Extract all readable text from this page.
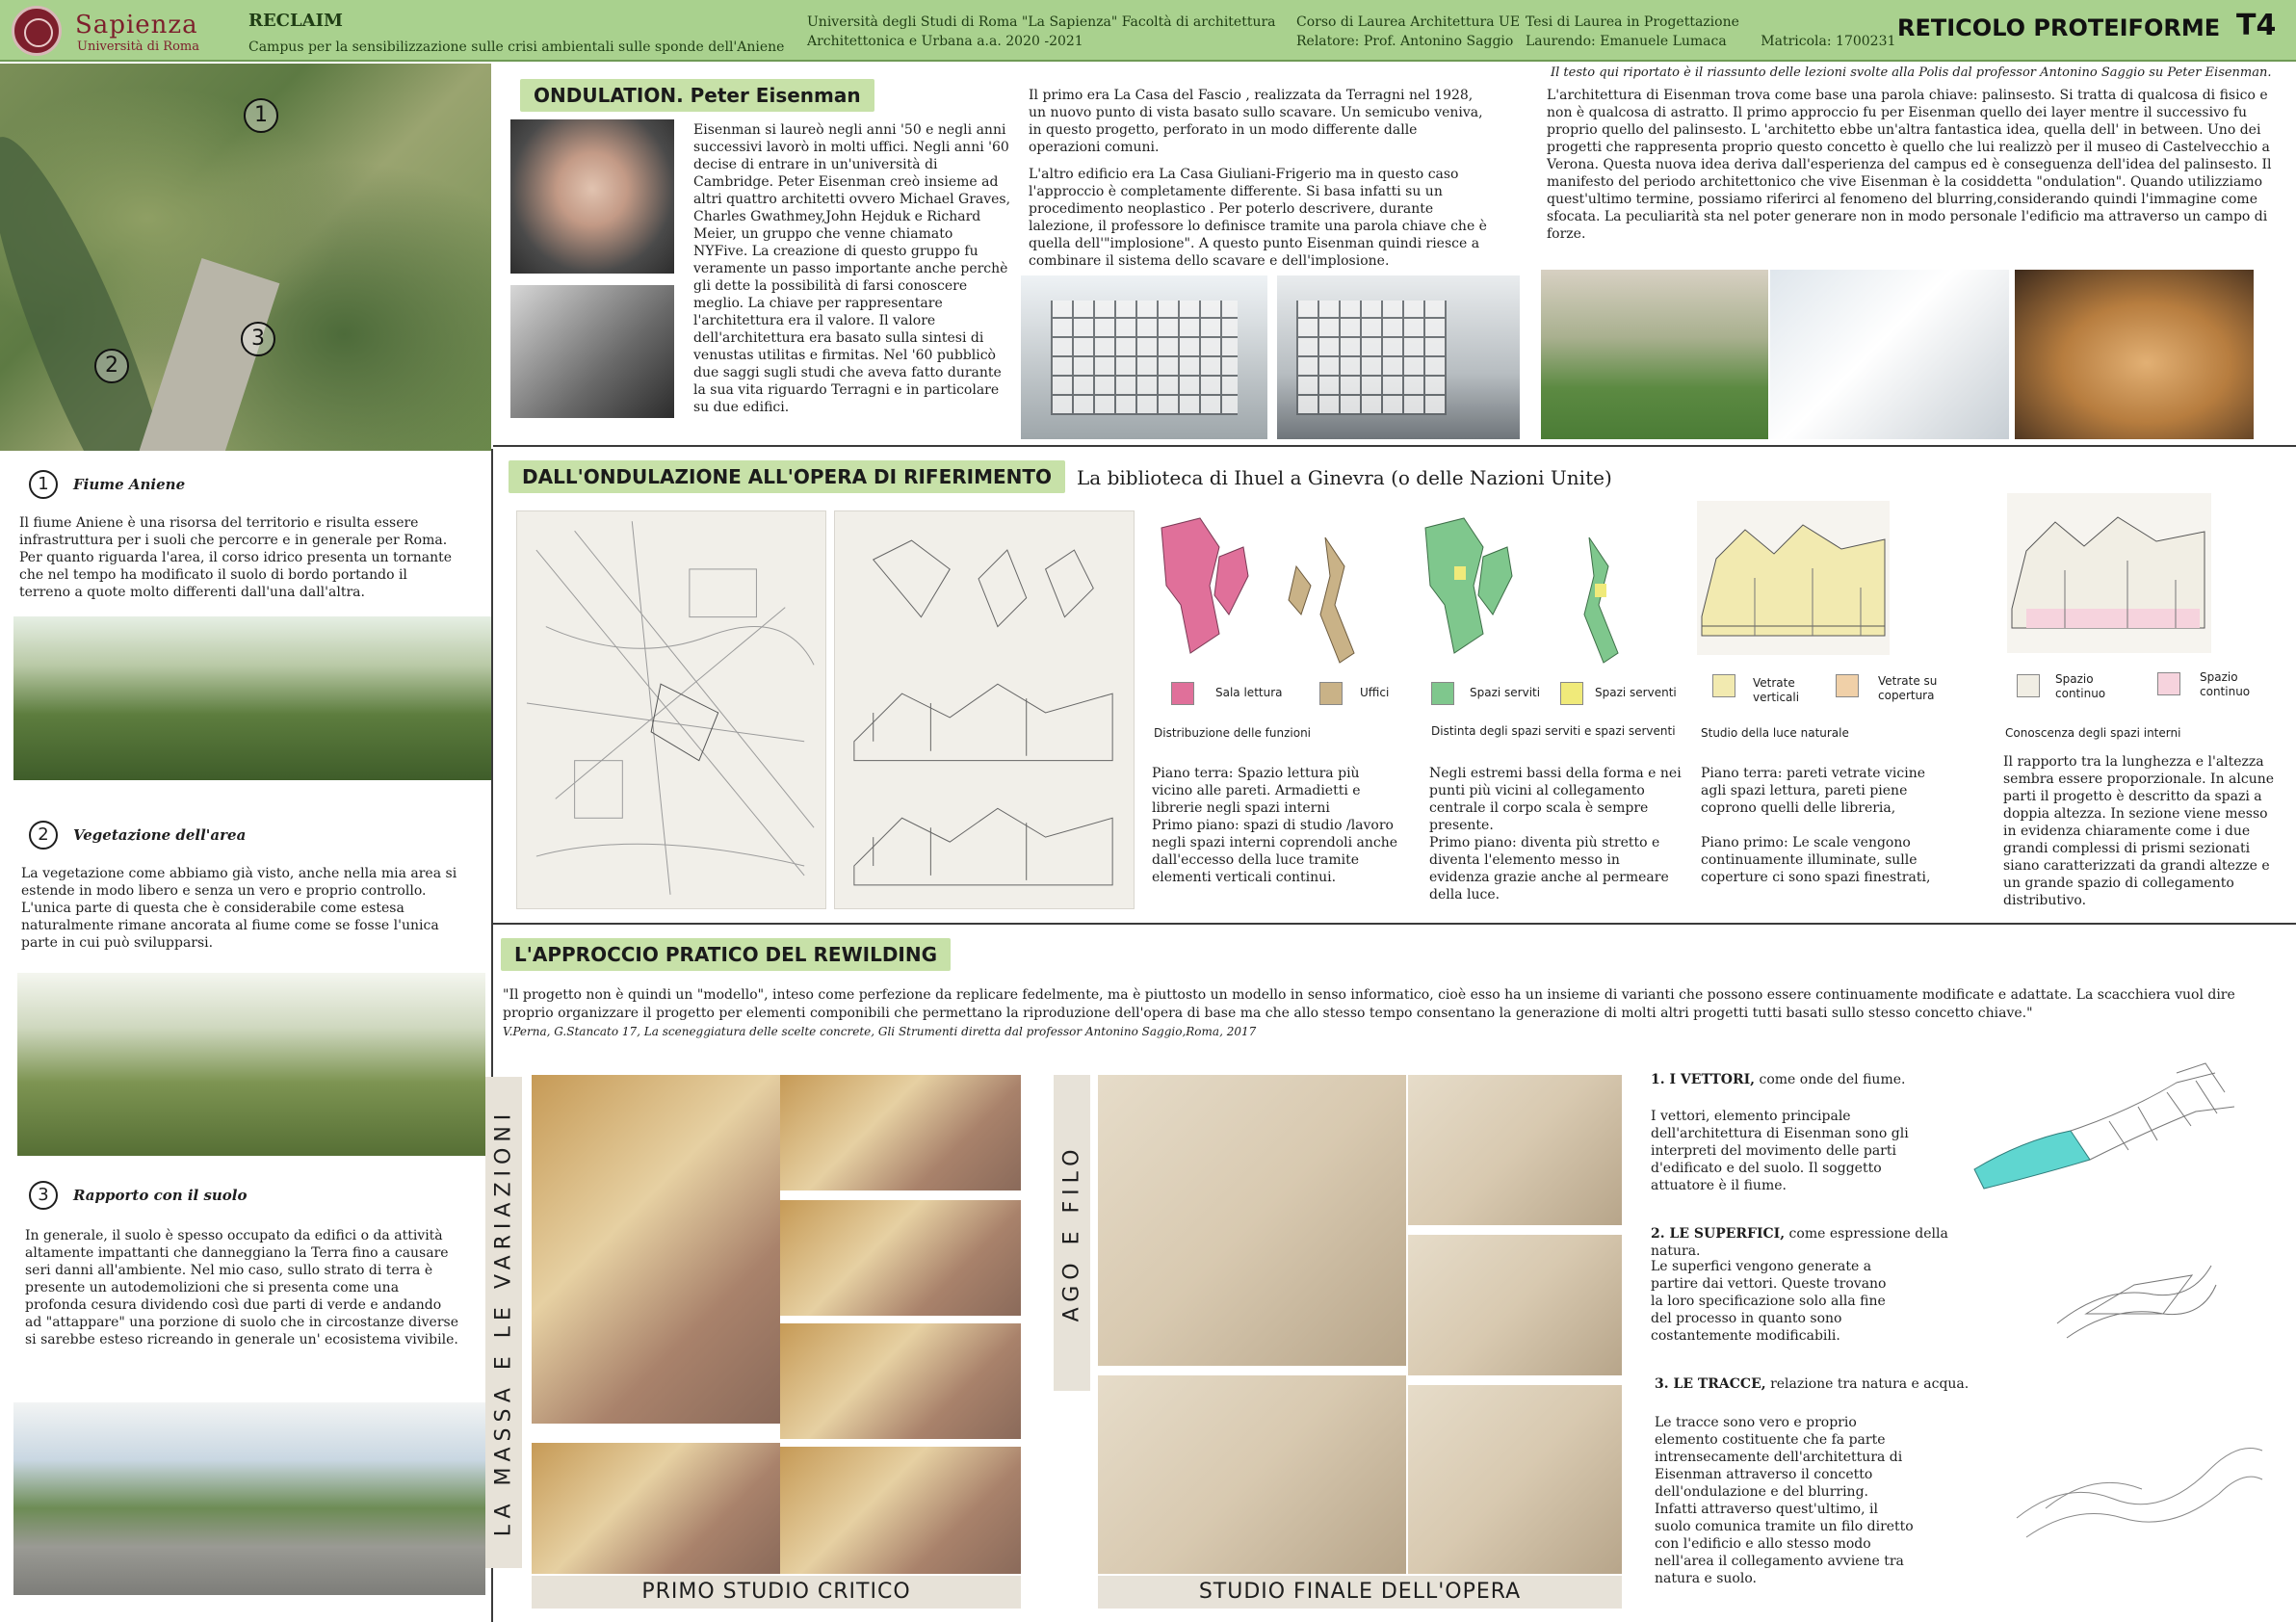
Sapienza
Università di Roma
RECLAIM
Campus per la sensibilizzazione sulle crisi ambientali sulle sponde dell'Aniene
Università degli Studi di Roma "La Sapienza" Facoltà di architettura
Architettonica e Urbana a.a. 2020 -2021
Corso di Laurea Architettura UE
Relatore: Prof. Antonino Saggio
Tesi di Laurea in Progettazione
Laurendo: Emanuele Lumaca        Matricola: 1700231 RETICOLO PROTEIFORME T4
1
2
3
1	Fiume Aniene
Il fiume Aniene è una risorsa del territorio e risulta essere infrastruttura per i suoli che percorre e in generale per Roma. Per quanto riguarda l'area, il corso idrico presenta un tornante che nel tempo ha modificato il suolo di bordo portando il terreno a quote molto differenti dall'una dall'altra.
2	Vegetazione dell'area
La vegetazione come abbiamo già visto, anche nella mia area si estende in modo libero e senza un vero e proprio controllo. L'unica parte di questa che è considerabile come estesa naturalmente rimane ancorata al fiume come se fosse l'unica parte in cui può svilupparsi.
3	Rapporto con il suolo
In generale, il suolo è spesso occupato da edifici o da attività altamente impattanti che danneggiano la Terra fino a causare seri danni all'ambiente. Nel mio caso, sullo strato di terra è presente un autodemolizioni che si presenta come una profonda cesura dividendo così due parti di verde e andando ad "attappare" una porzione di suolo che in circostanze diverse si sarebbe esteso ricreando in generale un' ecosistema vivibile.
ONDULATION. Peter Eisenman
Il testo qui riportato è il riassunto delle lezioni svolte alla Polis dal professor Antonino Saggio su Peter Eisenman.
Eisenman si laureò negli anni '50 e negli anni successivi lavorò in molti uffici. Negli anni '60 decise di entrare in un'università di Cambridge. Peter Eisenman creò insieme ad altri quattro architetti ovvero Michael Graves, Charles Gwathmey,John Hejduk e Richard Meier, un gruppo che venne chiamato NYFive. La creazione di questo gruppo fu veramente un passo importante anche perchè gli dette la possibilità di farsi conoscere meglio. La chiave per rappresentare l'architettura era il valore. Il valore dell'architettura era basato sulla sintesi di venustas utilitas e firmitas. Nel '60 pubblicò due saggi sugli studi che aveva fatto durante la sua vita riguardo Terragni e in particolare su due edifici.
Il primo era La Casa del Fascio , realizzata da Terragni nel 1928, un nuovo punto di vista basato sullo scavare. Un semicubo veniva, in questo progetto, perforato in un modo differente dalle operazioni comuni.
L'altro edificio era La Casa Giuliani-Frigerio ma in questo caso l'approccio è completamente differente. Si basa infatti su un procedimento neoplastico . Per poterlo descrivere, durante lalezione, il professore lo definisce tramite una parola chiave che è quella dell'"implosione". A questo punto Eisenman quindi riesce a combinare il sistema dello scavare e dell'implosione.
L'architettura di Eisenman trova come base una parola chiave: palinsesto. Si tratta di qualcosa di fisico e non è qualcosa di astratto. Il primo approccio fu per Eisenman quello dei layer mentre il successivo fu proprio quello del palinsesto. L 'architetto ebbe un'altra fantastica idea, quella dell' in between. Uno dei progetti che rappresenta proprio questo concetto è quello che lui realizzò per il museo di Castelvecchio a Verona. Questa nuova idea deriva dall'esperienza del campus ed è conseguenza dell'idea del palinsesto. Il manifesto del periodo architettonico che vive Eisenman è la cosiddetta "ondulation". Quando utilizziamo quest'ultimo termine, possiamo riferirci al fenomeno del blurring,considerando quindi l'immagine come sfocata. La peculiarità sta nel poter generare non in modo personale l'edificio ma attraverso un campo di forze.
DALL'ONDULAZIONE ALL'OPERA DI RIFERIMENTO	La biblioteca di Ihuel a Ginevra (o delle Nazioni Unite)
Sala lettura	Uffici	Spazi serviti	Spazi serventi
Vetrate verticali
Vetrate su copertura
Spazio continuo
Spazio continuo
Distribuzione delle funzioni	Distinta degli spazi serviti e spazi serventi Studio della luce naturale	Conoscenza degli spazi interni
Piano terra: Spazio lettura più vicino alle pareti. Armadietti e librerie negli spazi interni
Primo piano: spazi di studio /lavoro negli spazi interni coprendoli anche dall'eccesso della luce tramite elementi verticali continui.
Negli estremi bassi della forma e nei punti più vicini al collegamento centrale il corpo scala è sempre presente.
Primo piano: diventa più stretto e diventa l'elemento messo in evidenza grazie anche al permeare della luce.
Piano terra: pareti vetrate vicine agli spazi lettura, pareti piene coprono quelli delle libreria,

Piano primo: Le scale vengono continuamente illuminate, sulle coperture ci sono spazi finestrati,
Il rapporto tra la lunghezza e l'altezza sembra essere proporzionale. In alcune parti il progetto è descritto da spazi a doppia altezza. In sezione viene messo in evidenza chiaramente come i due grandi complessi di prismi sezionati siano caratterizzati da grandi altezze e un grande spazio di collegamento distributivo.
L'APPROCCIO PRATICO DEL REWILDING
"Il progetto non è quindi un "modello", inteso come perfezione da replicare fedelmente, ma è piuttosto un modello in senso informatico, cioè esso ha un insieme di varianti che possono essere continuamente modificate e adattate. La scacchiera vuol dire proprio organizzare il progetto per elementi componibili che permettano la riproduzione dell'opera di base ma che allo stesso tempo consentano la generazione di molti altri progetti tutti basati sullo stesso concetto chiave."
V.Perna, G.Stancato 17, La sceneggiatura delle scelte concrete, Gli Strumenti diretta dal professor Antonino Saggio,Roma, 2017
LA MASSA E LE VARIAZIONI
PRIMO STUDIO CRITICO
AGO E FILO
STUDIO FINALE DELL'OPERA
1. I VETTORI, come onde del fiume.
I vettori, elemento principale dell'architettura di Eisenman sono gli interpreti del movimento delle parti d'edificato e del suolo. Il soggetto attuatore è il fiume.
2. LE SUPERFICI, come espressione della natura.
Le superfici vengono generate a partire dai vettori. Queste trovano la loro specificazione solo alla fine del processo in quanto sono costantemente modificabili.
3. LE TRACCE, relazione tra natura e acqua.
Le tracce sono vero e proprio elemento costituente che fa parte intrensecamente dell'architettura di Eisenman attraverso il concetto dell'ondulazione e del blurring.
Infatti attraverso quest'ultimo, il suolo comunica tramite un filo diretto con l'edificio e allo stesso modo nell'area il collegamento avviene tra natura e suolo.
